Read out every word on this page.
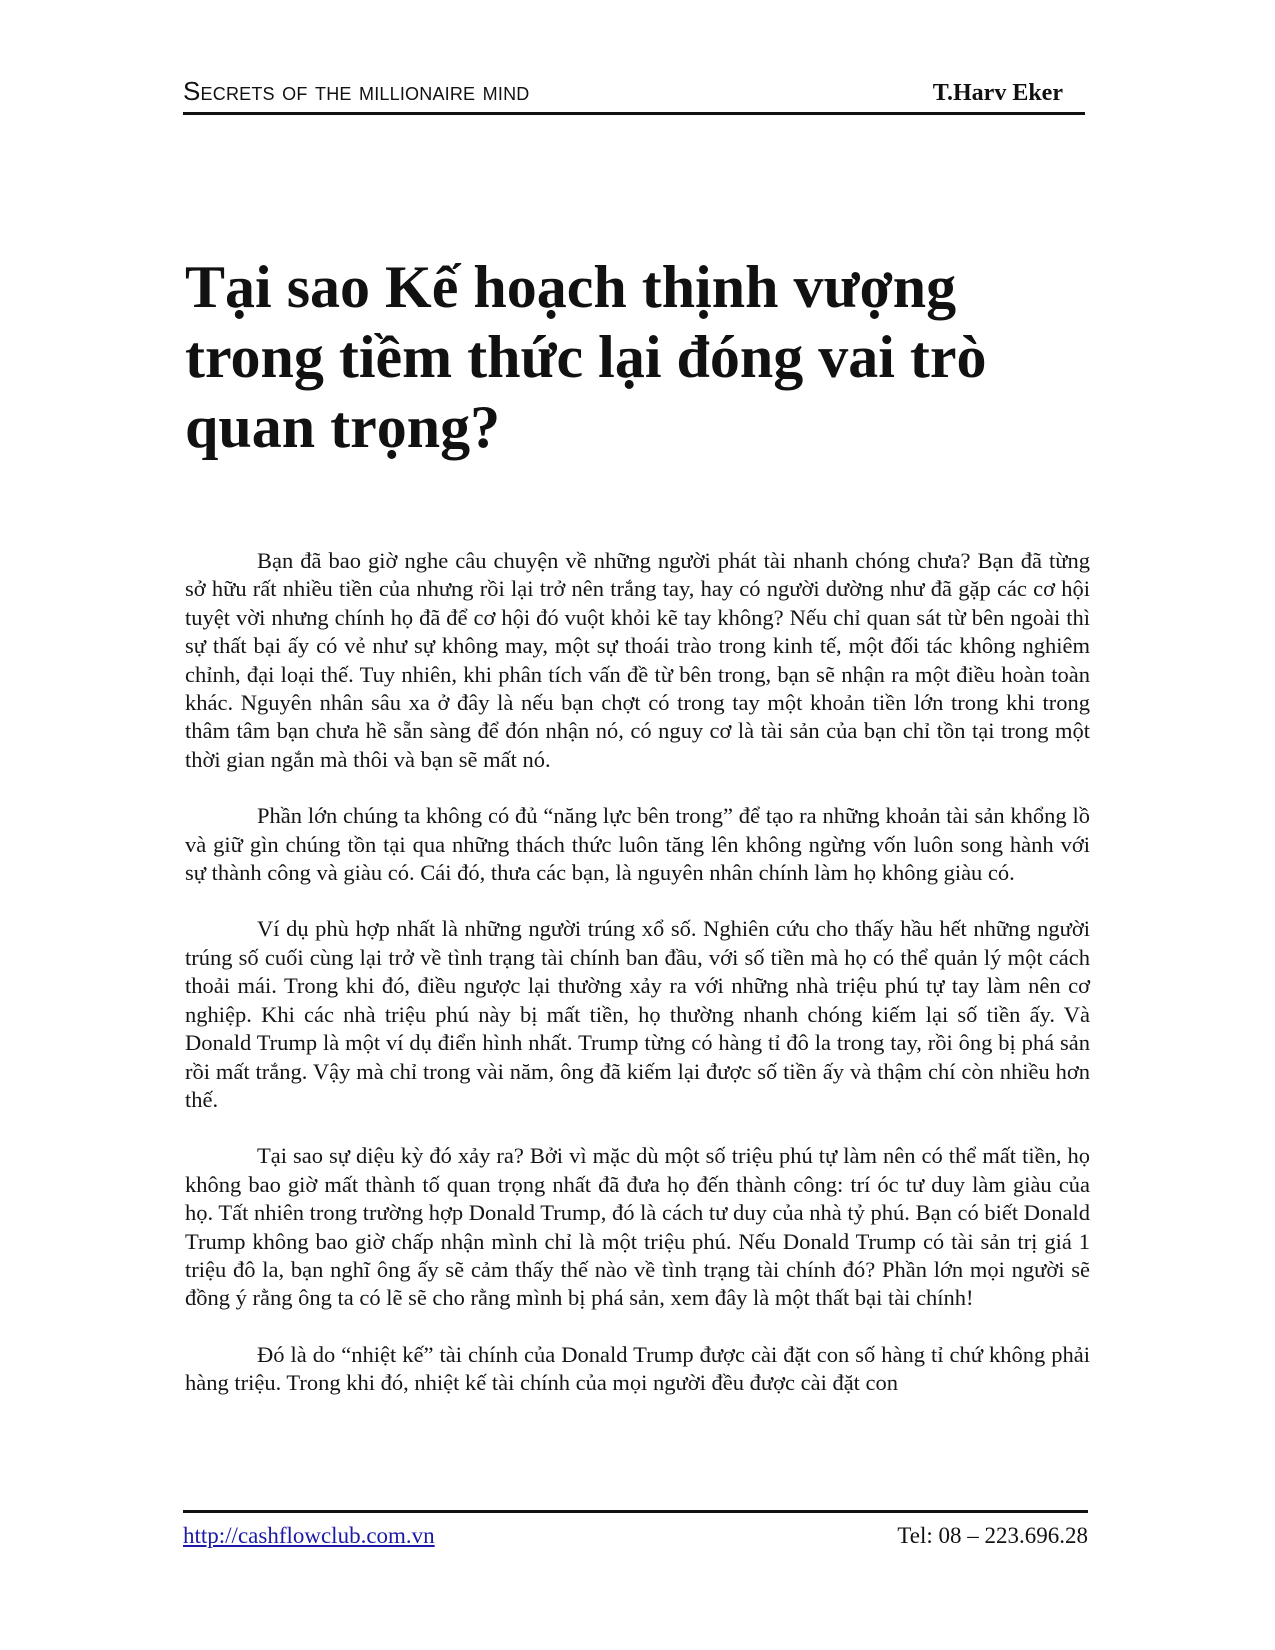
Secrets of the millionaire mind	T.Harv Eker
Tại sao Kế hoạch thịnh vượng trong tiềm thức lại đóng vai trò quan trọng?

Bạn đã bao giờ nghe câu chuyện về những người phát tài nhanh chóng chưa? Bạn đã từng sở hữu rất nhiều tiền của nhưng rồi lại trở nên trắng tay, hay có người dường như đã gặp các cơ hội tuyệt vời nhưng chính họ đã để cơ hội đó vuột khỏi kẽ tay không? Nếu chỉ quan sát từ bên ngoài thì sự thất bại ấy có vẻ như sự không may, một sự thoái trào trong kinh tế, một đối tác không nghiêm chỉnh, đại loại thế. Tuy nhiên, khi phân tích vấn đề từ bên trong, bạn sẽ nhận ra một điều hoàn toàn khác. Nguyên nhân sâu xa ở đây là nếu bạn chợt có trong tay một khoản tiền lớn trong khi trong thâm tâm bạn chưa hề sẵn sàng để đón nhận nó, có nguy cơ là tài sản của bạn chỉ tồn tại trong một thời gian ngắn mà thôi và bạn sẽ mất nó.

Phần lớn chúng ta không có đủ “năng lực bên trong” để tạo ra những khoản tài sản khổng lồ và giữ gìn chúng tồn tại qua những thách thức luôn tăng lên không ngừng vốn luôn song hành với sự thành công và giàu có. Cái đó, thưa các bạn, là nguyên nhân chính làm họ không giàu có.

Ví dụ phù hợp nhất là những người trúng xổ số. Nghiên cứu cho thấy hầu hết những người trúng số cuối cùng lại trở về tình trạng tài chính ban đầu, với số tiền mà họ có thể quản lý một cách thoải mái. Trong khi đó, điều ngược lại thường xảy ra với những nhà triệu phú tự tay làm nên cơ nghiệp. Khi các nhà triệu phú này bị mất tiền, họ thường nhanh chóng kiếm lại số tiền ấy. Và Donald Trump là một ví dụ điển hình nhất. Trump từng có hàng tỉ đô la trong tay, rồi ông bị phá sản rồi mất trắng. Vậy mà chỉ trong vài năm, ông đã kiếm lại được số tiền ấy và thậm chí còn nhiều hơn thế.

Tại sao sự diệu kỳ đó xảy ra? Bởi vì mặc dù một số triệu phú tự làm nên có thể mất tiền, họ không bao giờ mất thành tố quan trọng nhất đã đưa họ đến thành công: trí óc tư duy làm giàu của họ. Tất nhiên trong trường hợp Donald Trump, đó là cách tư duy của nhà tỷ phú. Bạn có biết Donald Trump không bao giờ chấp nhận mình chỉ là một triệu phú. Nếu Donald Trump có tài sản trị giá 1 triệu đô la, bạn nghĩ ông ấy sẽ cảm thấy thế nào về tình trạng tài chính đó? Phần lớn mọi người sẽ đồng ý rằng ông ta có lẽ sẽ cho rằng mình bị phá sản, xem đây là một thất bại tài chính!

Đó là do “nhiệt kế” tài chính của Donald Trump được cài đặt con số hàng tỉ chứ không phải hàng triệu. Trong khi đó, nhiệt kế tài chính của mọi người đều được cài đặt con

http://cashflowclub.com.vn	Tel: 08 – 223.696.28
